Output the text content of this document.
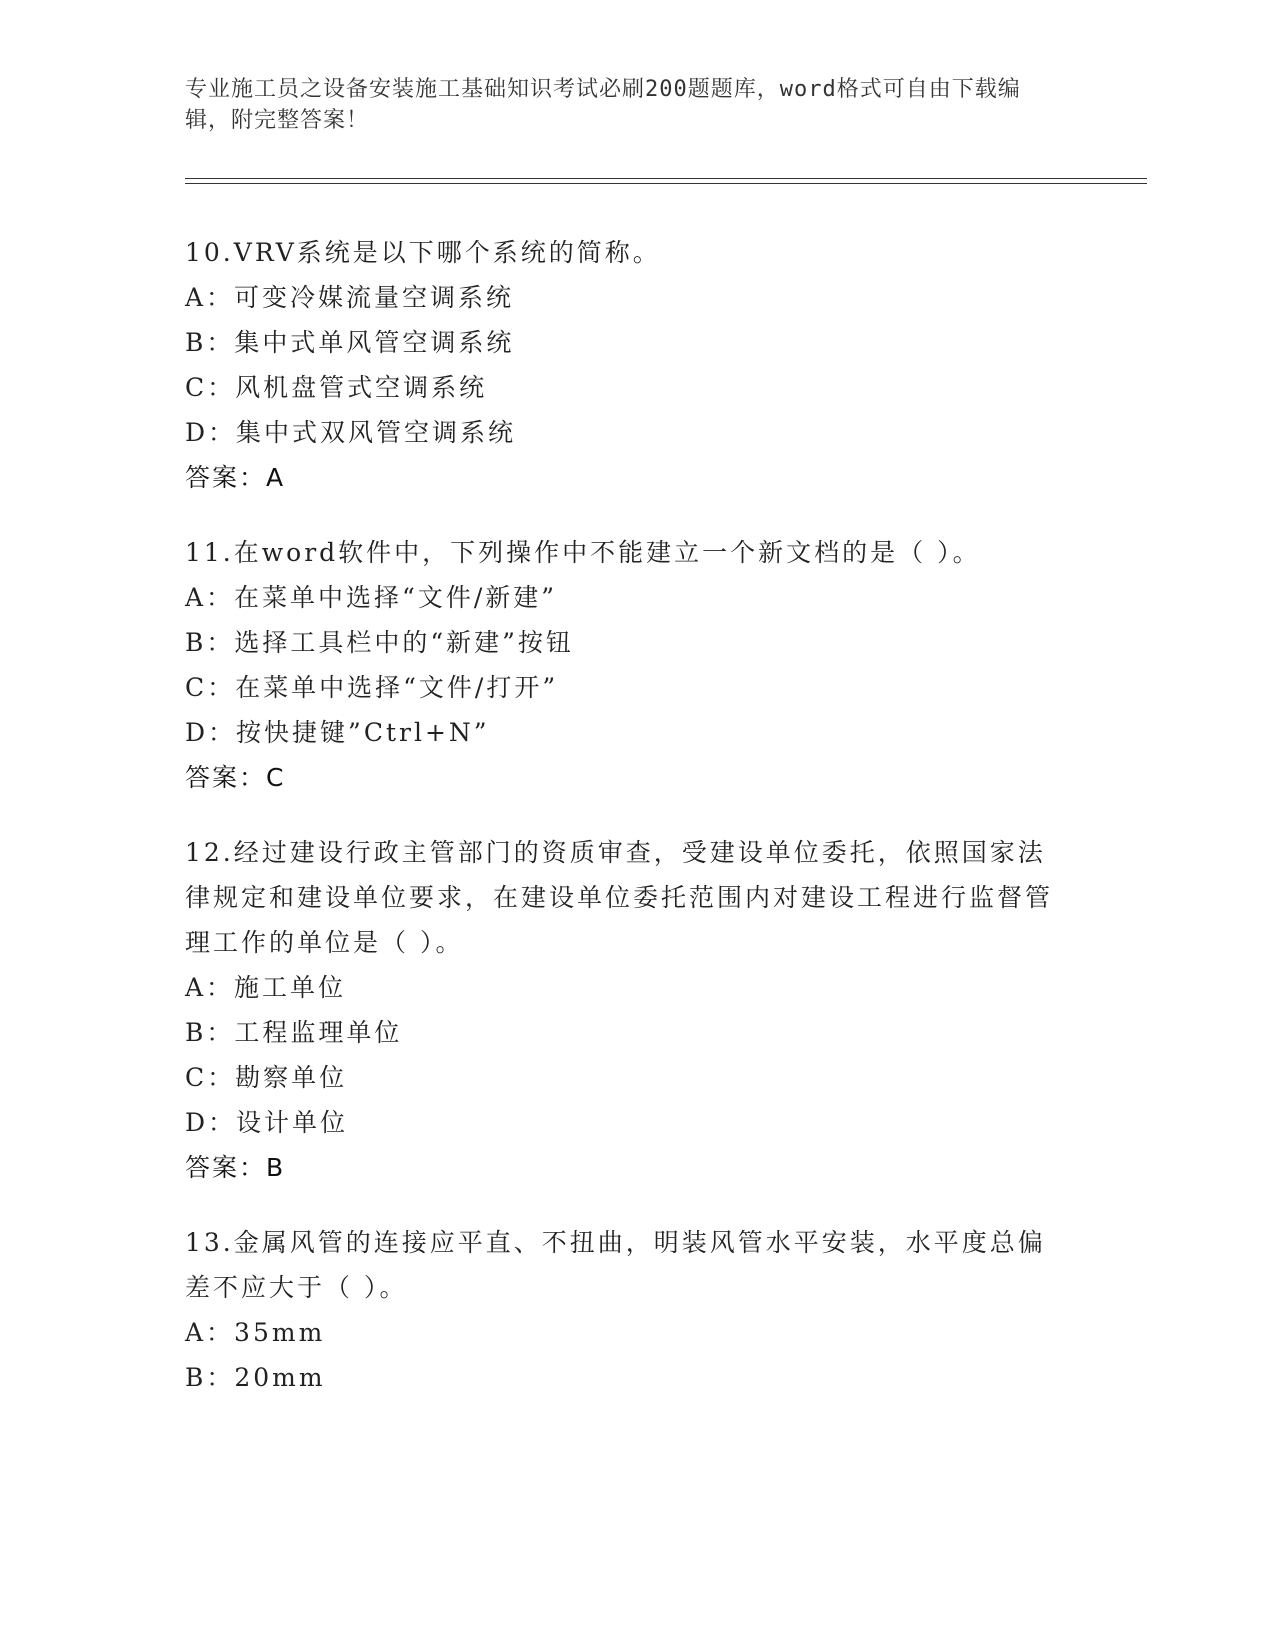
专业施工员之设备安装施工基础知识考试必刷200题题库，word格式可自由下载编辑，附完整答案！
10.VRV系统是以下哪个系统的简称。
A：可变冷媒流量空调系统
B：集中式单风管空调系统
C：风机盘管式空调系统
D：集中式双风管空调系统
答案：A
11.在word软件中，下列操作中不能建立一个新文档的是（ ）。
A：在菜单中选择“文件/新建”
B：选择工具栏中的“新建”按钮
C：在菜单中选择“文件/打开”
D：按快捷键”Ctrl+N”
答案：C
12.经过建设行政主管部门的资质审查，受建设单位委托，依照国家法律规定和建设单位要求，在建设单位委托范围内对建设工程进行监督管理工作的单位是（ ）。
A：施工单位
B：工程监理单位
C：勘察单位
D：设计单位
答案：B
13.金属风管的连接应平直、不扭曲，明装风管水平安装，水平度总偏差不应大于（ ）。
A：35mm
B：20mm
